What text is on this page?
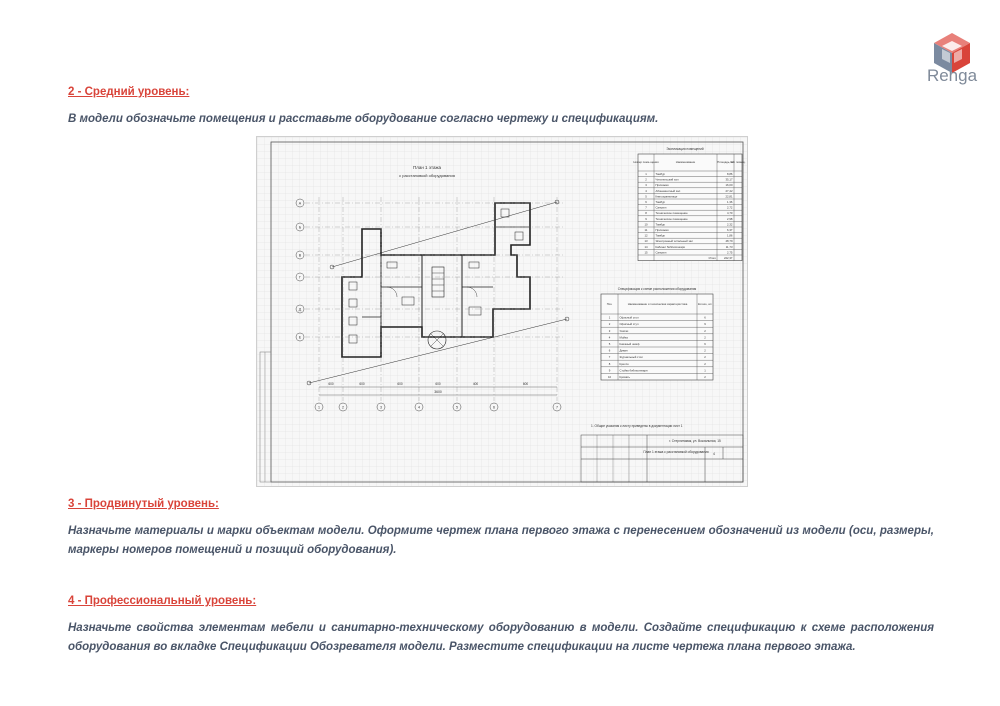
Renga
2 - Средний уровень:

В модели обозначьте помещения и расставьте оборудование согласно чертежу и спецификациям.

План 1 этажа
с расстановкой оборудования
1	2	3	4	5	6	7
А
Б
В
Г
Д
Е
600	600	600	600	400	600
3600
Экспликация помещений
Номер поме-щения	Наименование	Площадь, м²
Кат. помещ.
1	Тамбур	8,86
2	Читательский зал	35,17
3	Прихожая	16,00
4	Абонементный зал	27,42
5	Книгохранилище	22,81
6	Тамбур	1,36
7	Санузел	2,72
8	Техническое помещение	4,70
9	Техническое помещение	2,98
10	Тамбур	2,32
11	Прихожая	6,37
12	Тамбур	1,86
13	Электронный читальный зал	48,79
14	Кабинет библиотекаря	11,73
15	Санузел	2,75
Итого	222,37
Спецификация к схеме расположения оборудования
Поз.	Наименование и техническая характеристика	Кол-во, шт.
1	Офисный стол	6
2	Офисный стул	9
3	Унитаз	2
4	Мойка	2
5	Книжный шкаф	6
6	Диван	2
7	Журнальный стол	2
8	Кресло	2
9	Стойка библиотекаря	1
10	Кровать	2
1. Общие указания к листу приведены в документации лист 1
г. Стерлитамак, ул. Вокзальная, 15
План 1 этажа с расстановкой оборудования 4
3 - Продвинутый уровень:

Назначьте материалы и марки объектам модели. Оформите чертеж плана первого этажа с перенесением обозначений из модели (оси, размеры, маркеры номеров помещений и позиций оборудования).

4 - Профессиональный уровень:

Назначьте свойства элементам мебели и санитарно-техническому оборудованию в модели. Создайте спецификацию к схеме расположения оборудования во вкладке Спецификации Обозревателя модели. Разместите спецификации на листе чертежа плана первого этажа.
